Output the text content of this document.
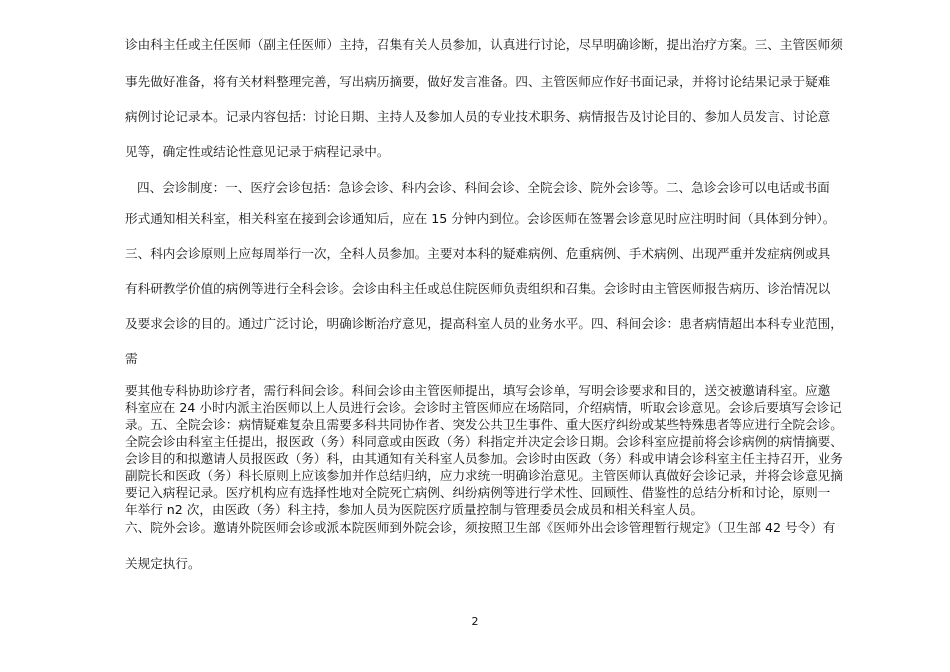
诊由科主任或主任医师（副主任医师）主持，召集有关人员参加，认真进行讨论，尽早明确诊断，提出治疗方案。三、主管医师须

事先做好准备，将有关材料整理完善，写出病历摘要，做好发言准备。四、主管医师应作好书面记录，并将讨论结果记录于疑难

病例讨论记录本。记录内容包括：讨论日期、主持人及参加人员的专业技术职务、病情报告及讨论目的、参加人员发言、讨论意

见等，确定性或结论性意见记录于病程记录中。

四、会诊制度：一、医疗会诊包括：急诊会诊、科内会诊、科间会诊、全院会诊、院外会诊等。二、急诊会诊可以电话或书面

形式通知相关科室，相关科室在接到会诊通知后，应在 15 分钟内到位。会诊医师在签署会诊意见时应注明时间（具体到分钟）。

三、科内会诊原则上应每周举行一次，全科人员参加。主要对本科的疑难病例、危重病例、手术病例、出现严重并发症病例或具

有科研教学价值的病例等进行全科会诊。会诊由科主任或总住院医师负责组织和召集。会诊时由主管医师报告病历、诊治情况以

及要求会诊的目的。通过广泛讨论，明确诊断治疗意见，提高科室人员的业务水平。四、科间会诊：患者病情超出本科专业范围，

需

要其他专科协助诊疗者，需行科间会诊。科间会诊由主管医师提出，填写会诊单，写明会诊要求和目的，送交被邀请科室。应邀

科室应在 24 小时内派主治医师以上人员进行会诊。会诊时主管医师应在场陪同，介绍病情，听取会诊意见。会诊后要填写会诊记

录。五、全院会诊：病情疑难复杂且需要多科共同协作者、突发公共卫生事件、重大医疗纠纷或某些特殊患者等应进行全院会诊。

全院会诊由科室主任提出，报医政（务）科同意或由医政（务）科指定并决定会诊日期。会诊科室应提前将会诊病例的病情摘要、

会诊目的和拟邀请人员报医政（务）科，由其通知有关科室人员参加。会诊时由医政（务）科或申请会诊科室主任主持召开，业务

副院长和医政（务）科长原则上应该参加并作总结归纳，应力求统一明确诊治意见。主管医师认真做好会诊记录，并将会诊意见摘

要记入病程记录。医疗机构应有选择性地对全院死亡病例、纠纷病例等进行学术性、回顾性、借鉴性的总结分析和讨论，原则一

年举行 n2 次，由医政（务）科主持，参加人员为医院医疗质量控制与管理委员会成员和相关科室人员。

六、院外会诊。邀请外院医师会诊或派本院医师到外院会诊，须按照卫生部《医师外出会诊管理暂行规定》（卫生部 42 号令）有

关规定执行。

2
